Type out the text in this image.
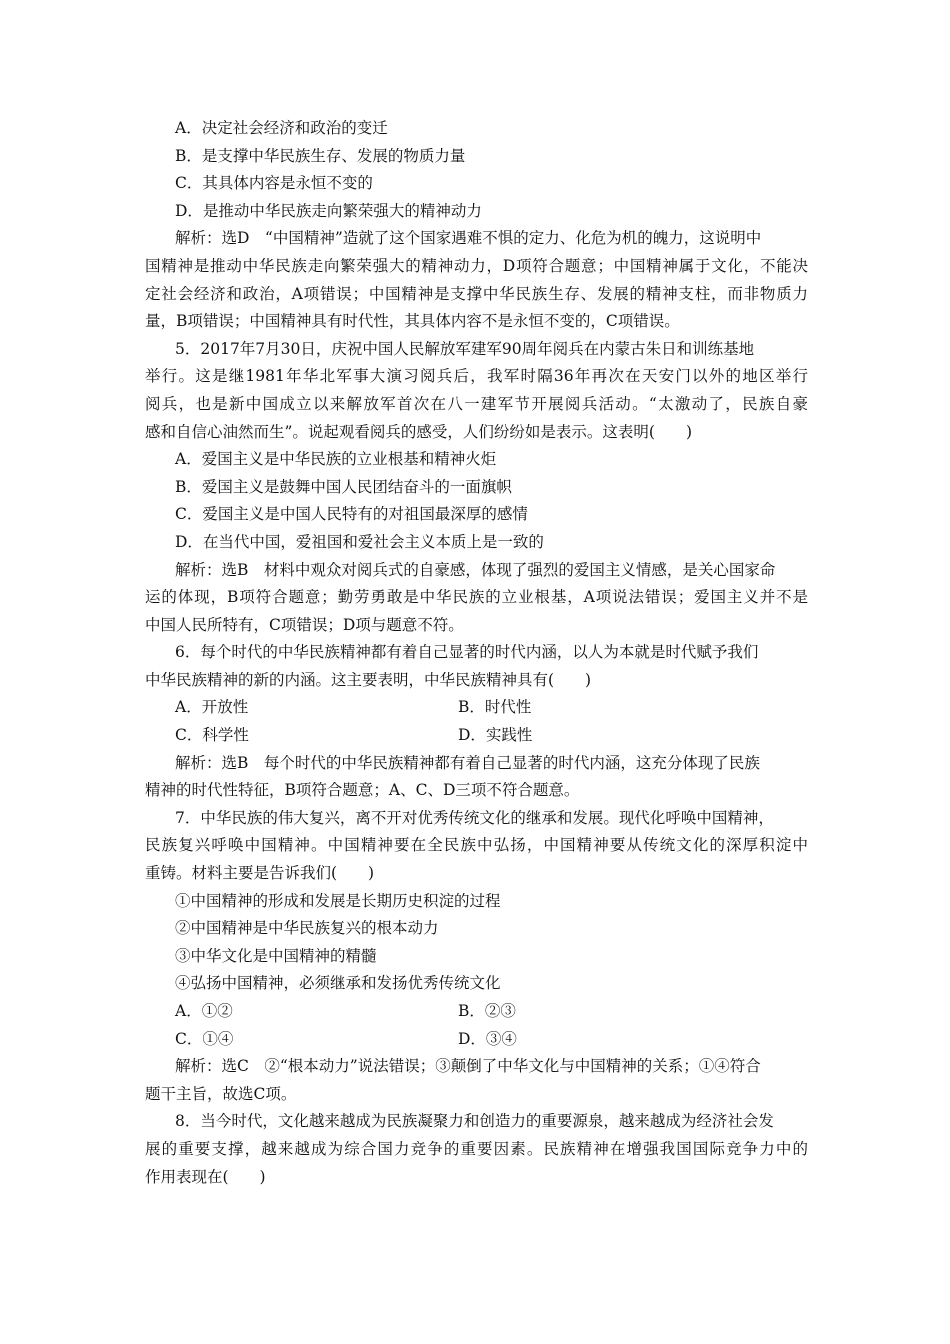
A．决定社会经济和政治的变迁
B．是支撑中华民族生存、发展的物质力量
C．其具体内容是永恒不变的
D．是推动中华民族走向繁荣强大的精神动力
解析：选D　“中国精神”造就了这个国家遇难不惧的定力、化危为机的魄力，这说明中
国精神是推动中华民族走向繁荣强大的精神动力，D项符合题意；中国精神属于文化，不能决
定社会经济和政治，A项错误；中国精神是支撑中华民族生存、发展的精神支柱，而非物质力
量，B项错误；中国精神具有时代性，其具体内容不是永恒不变的，C项错误。
5．2017年7月30日，庆祝中国人民解放军建军90周年阅兵在内蒙古朱日和训练基地
举行。这是继1981年华北军事大演习阅兵后，我军时隔36年再次在天安门以外的地区举行
阅兵，也是新中国成立以来解放军首次在八一建军节开展阅兵活动。“太激动了，民族自豪
感和自信心油然而生”。说起观看阅兵的感受，人们纷纷如是表示。这表明(　　)
A．爱国主义是中华民族的立业根基和精神火炬
B．爱国主义是鼓舞中国人民团结奋斗的一面旗帜
C．爱国主义是中国人民特有的对祖国最深厚的感情
D．在当代中国，爱祖国和爱社会主义本质上是一致的
解析：选B　材料中观众对阅兵式的自豪感，体现了强烈的爱国主义情感，是关心国家命
运的体现，B项符合题意；勤劳勇敢是中华民族的立业根基，A项说法错误；爱国主义并不是
中国人民所特有，C项错误；D项与题意不符。
6．每个时代的中华民族精神都有着自己显著的时代内涵，以人为本就是时代赋予我们
中华民族精神的新的内涵。这主要表明，中华民族精神具有(　　)
A．开放性	B．时代性
C．科学性	D．实践性
解析：选B　每个时代的中华民族精神都有着自己显著的时代内涵，这充分体现了民族
精神的时代性特征，B项符合题意；A、C、D三项不符合题意。
7．中华民族的伟大复兴，离不开对优秀传统文化的继承和发展。现代化呼唤中国精神，
民族复兴呼唤中国精神。中国精神要在全民族中弘扬，中国精神要从传统文化的深厚积淀中
重铸。材料主要是告诉我们(　　)
①中国精神的形成和发展是长期历史积淀的过程
②中国精神是中华民族复兴的根本动力
③中华文化是中国精神的精髓
④弘扬中国精神，必须继承和发扬优秀传统文化
A．①②	B．②③
C．①④	D．③④
解析：选C　②“根本动力”说法错误；③颠倒了中华文化与中国精神的关系；①④符合
题干主旨，故选C项。
8．当今时代，文化越来越成为民族凝聚力和创造力的重要源泉，越来越成为经济社会发
展的重要支撑，越来越成为综合国力竞争的重要因素。民族精神在增强我国国际竞争力中的
作用表现在(　　)
